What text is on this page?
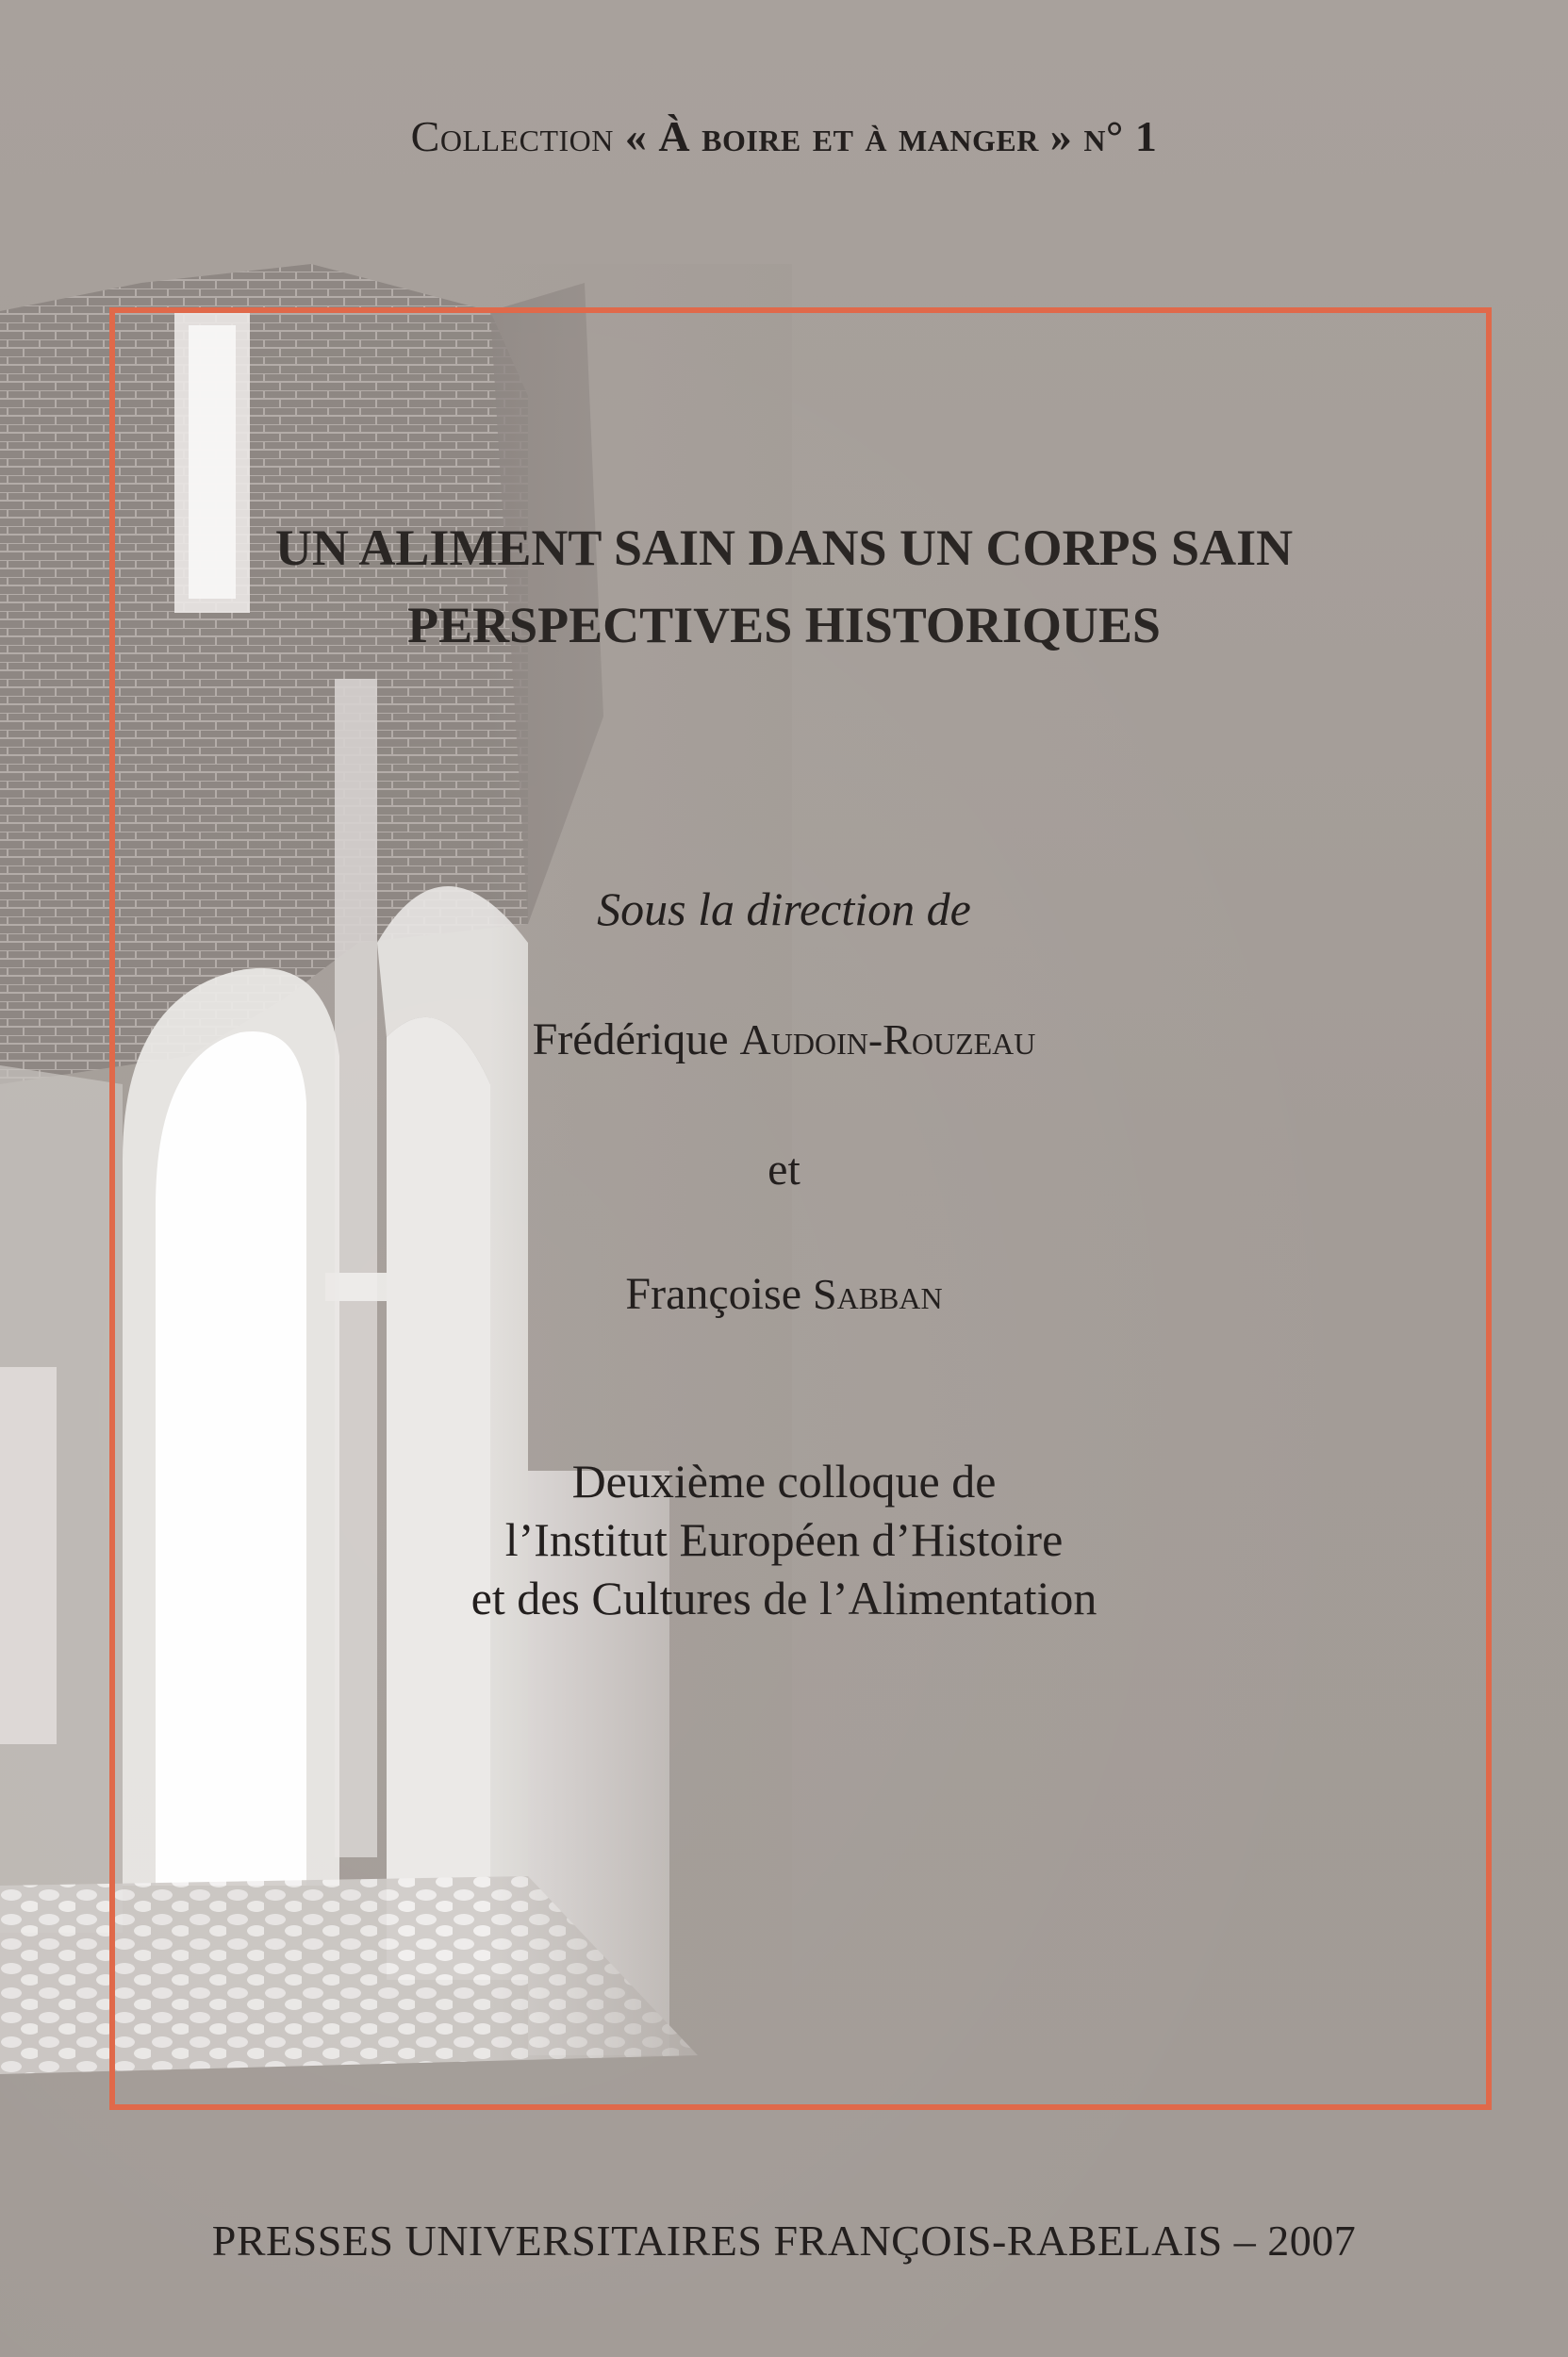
Collection « À boire et à manger » n° 1
UN ALIMENT SAIN DANS UN CORPS SAIN
PERSPECTIVES HISTORIQUES
Sous la direction de
Frédérique Audoin-Rouzeau
et
Françoise Sabban
Deuxième colloque de
l’Institut Européen d’Histoire
et des Cultures de l’Alimentation
PRESSES UNIVERSITAIRES FRANÇOIS-RABELAIS – 2007
